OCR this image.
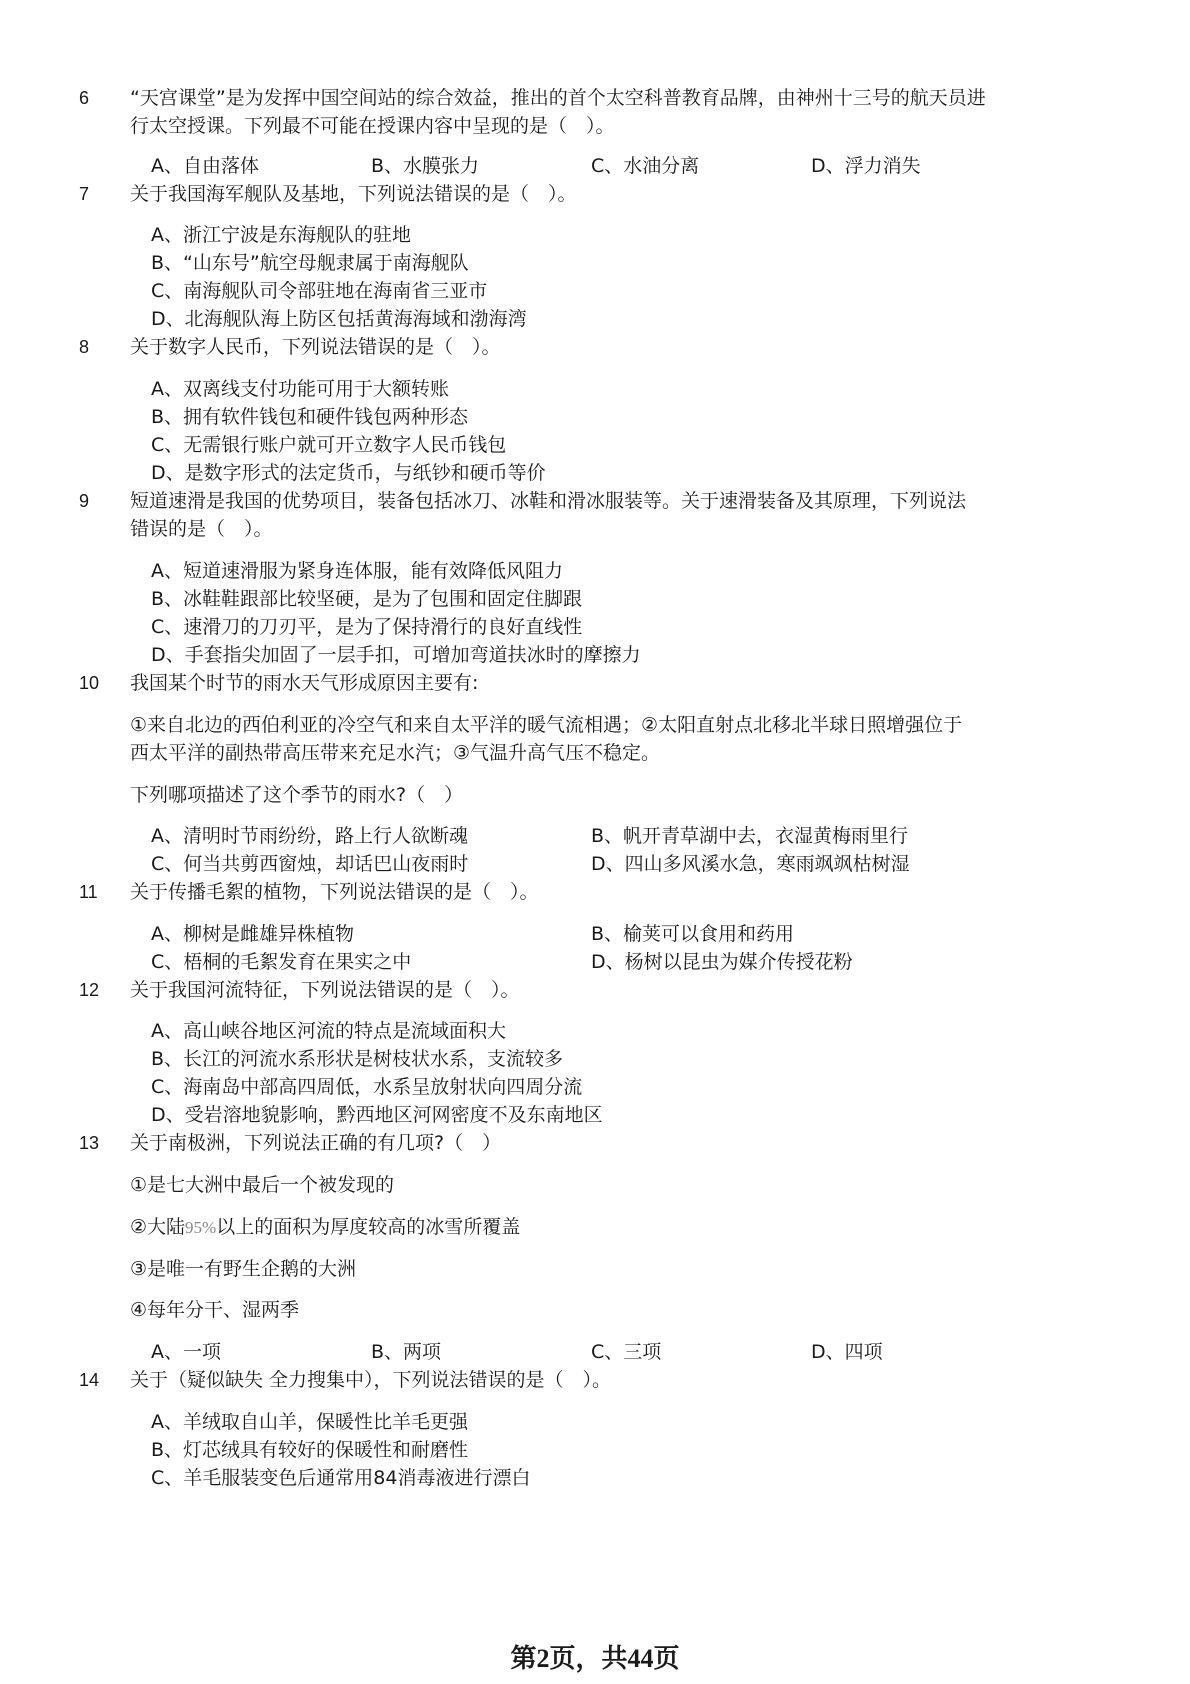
6 “天宫课堂”是为发挥中国空间站的综合效益，推出的首个太空科普教育品牌，由神州十三号的航天员进
行太空授课。下列最不可能在授课内容中呈现的是（　）。
A、自由落体	B、水膜张力	C、水油分离	D、浮力消失
7 关于我国海军舰队及基地，下列说法错误的是（　）。
A、浙江宁波是东海舰队的驻地
B、“山东号”航空母舰隶属于南海舰队
C、南海舰队司令部驻地在海南省三亚市
D、北海舰队海上防区包括黄海海域和渤海湾
8 关于数字人民币，下列说法错误的是（　）。
A、双离线支付功能可用于大额转账
B、拥有软件钱包和硬件钱包两种形态
C、无需银行账户就可开立数字人民币钱包
D、是数字形式的法定货币，与纸钞和硬币等价
9 短道速滑是我国的优势项目，装备包括冰刀、冰鞋和滑冰服装等。关于速滑装备及其原理，下列说法
错误的是（　）。
A、短道速滑服为紧身连体服，能有效降低风阻力
B、冰鞋鞋跟部比较坚硬，是为了包围和固定住脚跟
C、速滑刀的刀刃平，是为了保持滑行的良好直线性
D、手套指尖加固了一层手扣，可增加弯道扶冰时的摩擦力
10 我国某个时节的雨水天气形成原因主要有:
①来自北边的西伯利亚的冷空气和来自太平洋的暖气流相遇；②太阳直射点北移北半球日照增强位于
西太平洋的副热带高压带来充足水汽；③气温升高气压不稳定。
下列哪项描述了这个季节的雨水?（　）
A、清明时节雨纷纷，路上行人欲断魂	B、帆开青草湖中去，衣湿黄梅雨里行
C、何当共剪西窗烛，却话巴山夜雨时	D、四山多风溪水急，寒雨飒飒枯树湿
11 关于传播毛絮的植物，下列说法错误的是（　）。
A、柳树是雌雄异株植物	B、榆荚可以食用和药用
C、梧桐的毛絮发育在果实之中	D、杨树以昆虫为媒介传授花粉
12 关于我国河流特征，下列说法错误的是（　）。
A、高山峡谷地区河流的特点是流域面积大
B、长江的河流水系形状是树枝状水系，支流较多
C、海南岛中部高四周低，水系呈放射状向四周分流
D、受岩溶地貌影响，黔西地区河网密度不及东南地区
13 关于南极洲，下列说法正确的有几项?（　）
①是七大洲中最后一个被发现的
②大陆95%以上的面积为厚度较高的冰雪所覆盖
③是唯一有野生企鹅的大洲
④每年分干、湿两季
A、一项	B、两项	C、三项	D、四项
14 关于（疑似缺失 全力搜集中），下列说法错误的是（　）。
A、羊绒取自山羊，保暖性比羊毛更强
B、灯芯绒具有较好的保暖性和耐磨性
C、羊毛服装变色后通常用84消毒液进行漂白
第2页，共44页
